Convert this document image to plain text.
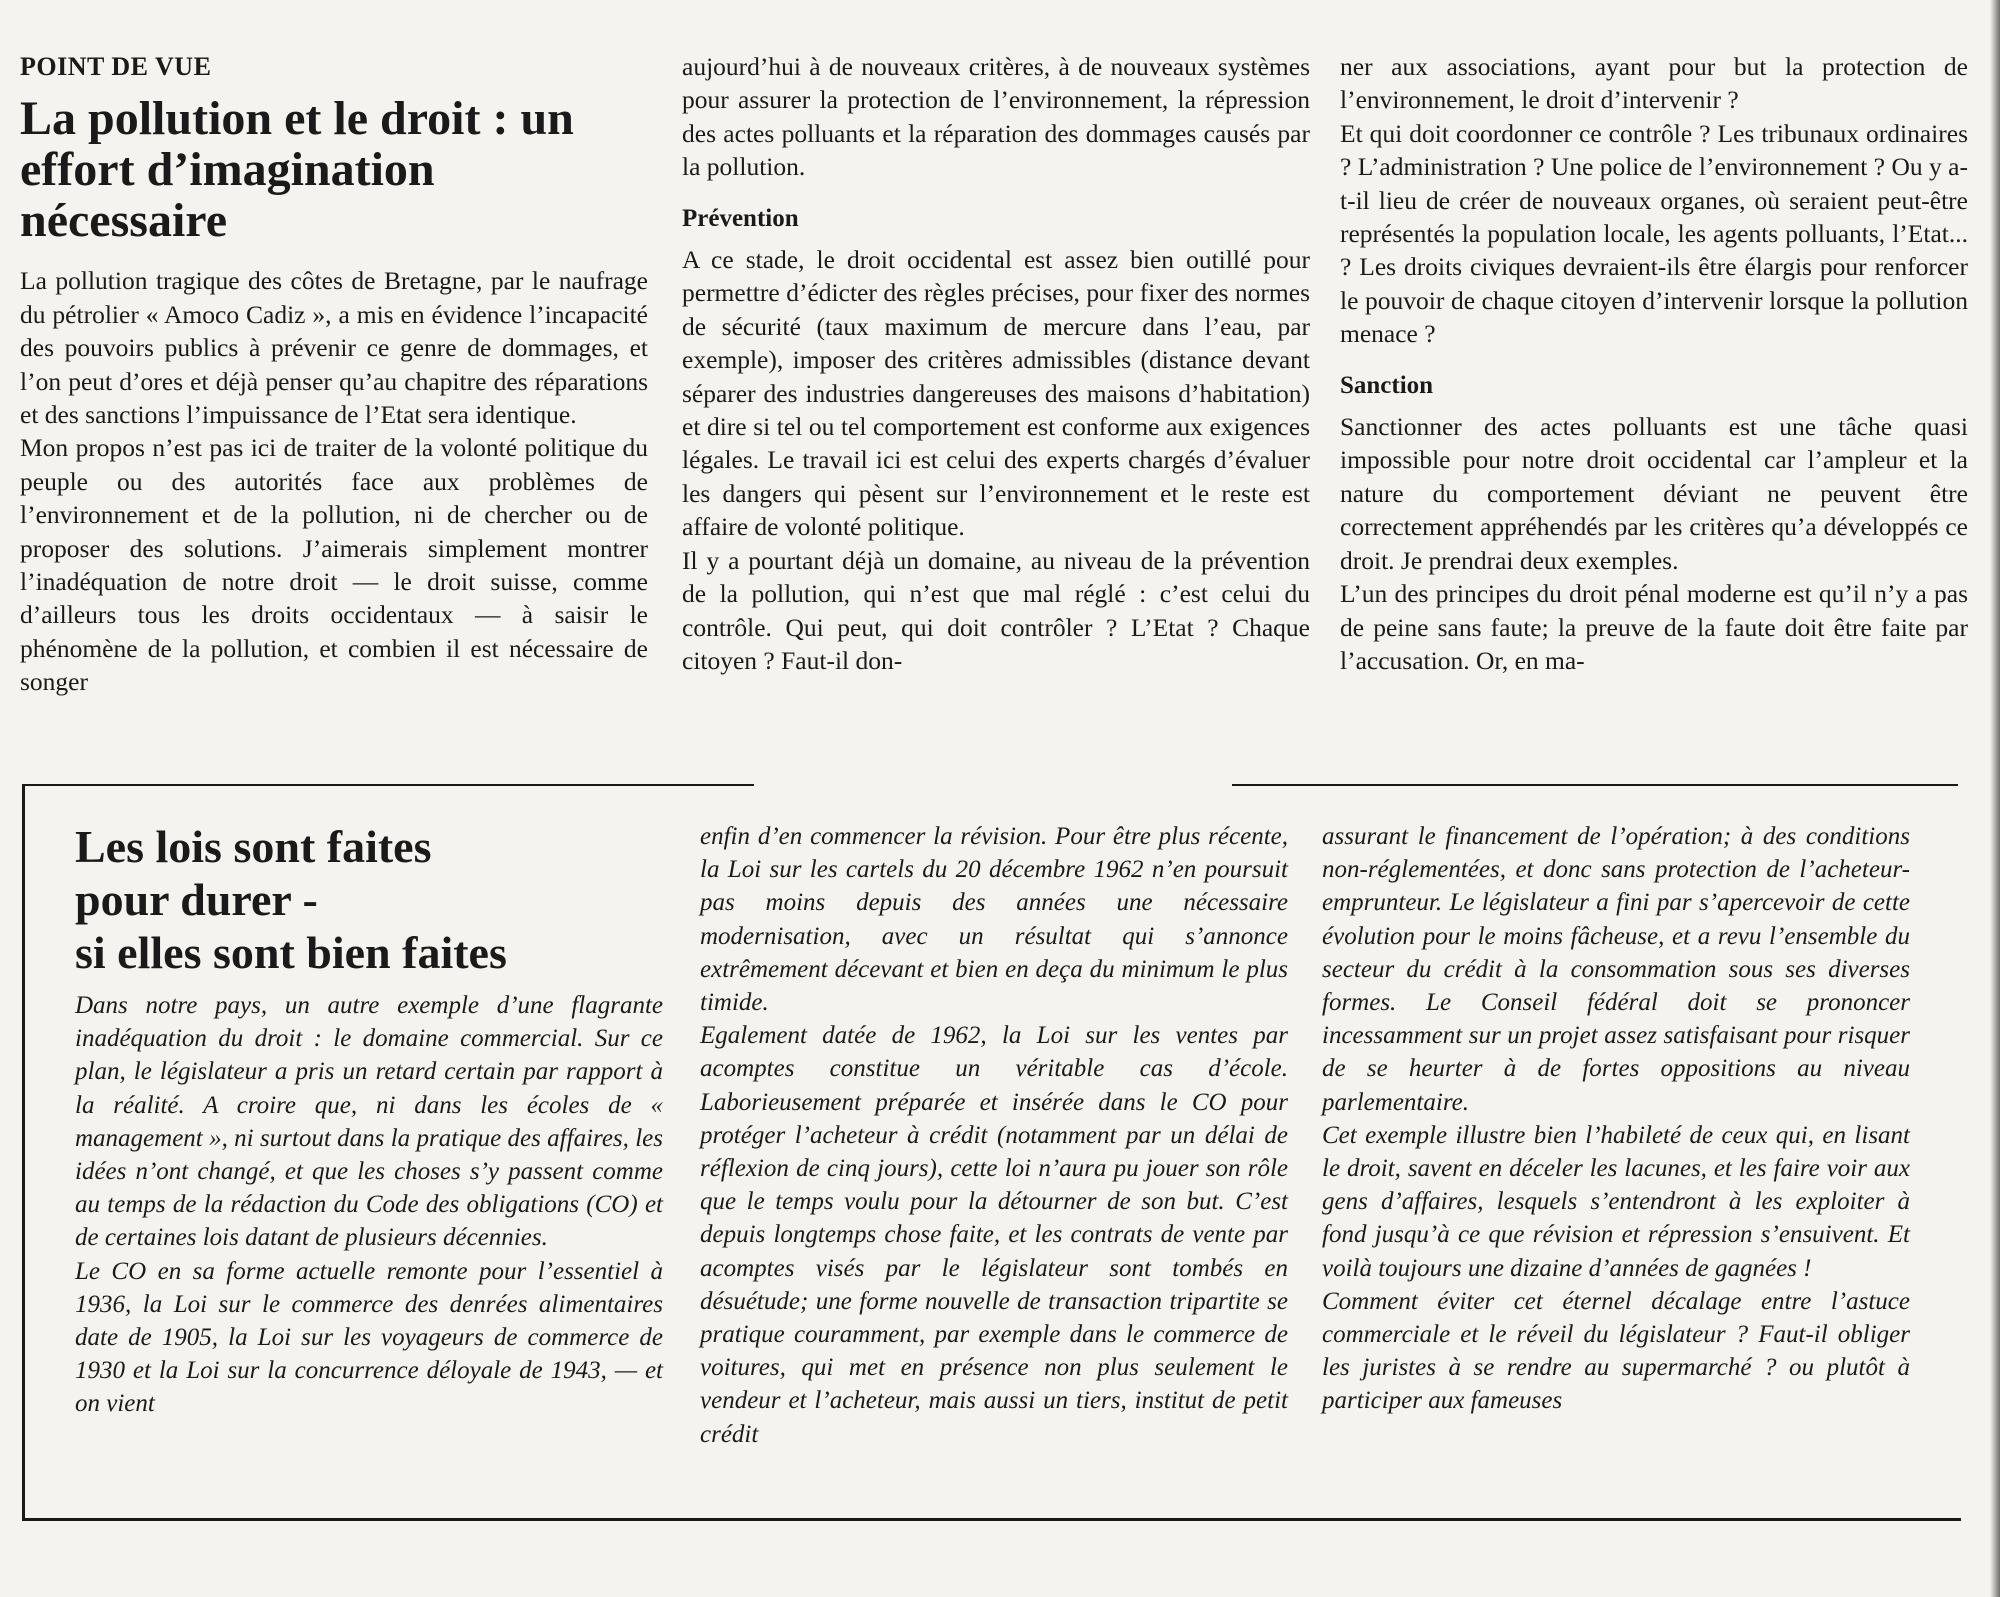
POINT DE VUE
La pollution et le droit : un effort d’imagination nécessaire

La pollution tragique des côtes de Bretagne, par le naufrage du pétrolier « Amoco Cadiz », a mis en évidence l’incapacité des pouvoirs publics à prévenir ce genre de dommages, et l’on peut d’ores et déjà penser qu’au chapitre des réparations et des sanctions l’impuissance de l’Etat sera identique.

Mon propos n’est pas ici de traiter de la volonté politique du peuple ou des autorités face aux problèmes de l’environnement et de la pollution, ni de chercher ou de proposer des solutions. J’aimerais simplement montrer l’inadéquation de notre droit — le droit suisse, comme d’ailleurs tous les droits occidentaux — à saisir le phénomène de la pollution, et combien il est nécessaire de songer

aujourd’hui à de nouveaux critères, à de nouveaux systèmes pour assurer la protection de l’environnement, la répression des actes polluants et la réparation des dommages causés par la pollution.

Prévention

A ce stade, le droit occidental est assez bien outillé pour permettre d’édicter des règles précises, pour fixer des normes de sécurité (taux maximum de mercure dans l’eau, par exemple), imposer des critères admissibles (distance devant séparer des industries dangereuses des maisons d’habitation) et dire si tel ou tel comportement est conforme aux exigences légales. Le travail ici est celui des experts chargés d’évaluer les dangers qui pèsent sur l’environnement et le reste est affaire de volonté politique.

Il y a pourtant déjà un domaine, au niveau de la prévention de la pollution, qui n’est que mal réglé : c’est celui du contrôle. Qui peut, qui doit contrôler ? L’Etat ? Chaque citoyen ? Faut-il don-

ner aux associations, ayant pour but la protection de l’environnement, le droit d’intervenir ?

Et qui doit coordonner ce contrôle ? Les tribunaux ordinaires ? L’administration ? Une police de l’environnement ? Ou y a-t-il lieu de créer de nouveaux organes, où seraient peut-être représentés la population locale, les agents polluants, l’Etat... ? Les droits civiques devraient-ils être élargis pour renforcer le pouvoir de chaque citoyen d’intervenir lorsque la pollution menace ?

Sanction

Sanctionner des actes polluants est une tâche quasi impossible pour notre droit occidental car l’ampleur et la nature du comportement déviant ne peuvent être correctement appréhendés par les critères qu’a développés ce droit. Je prendrai deux exemples.

L’un des principes du droit pénal moderne est qu’il n’y a pas de peine sans faute; la preuve de la faute doit être faite par l’accusation. Or, en ma-

Les lois sont faites
pour durer -
si elles sont bien faites

Dans notre pays, un autre exemple d’une flagrante inadéquation du droit : le domaine commercial. Sur ce plan, le législateur a pris un retard certain par rapport à la réalité. A croire que, ni dans les écoles de « management », ni surtout dans la pratique des affaires, les idées n’ont changé, et que les choses s’y passent comme au temps de la rédaction du Code des obligations (CO) et de certaines lois datant de plusieurs décennies.

Le CO en sa forme actuelle remonte pour l’essentiel à 1936, la Loi sur le commerce des denrées alimentaires date de 1905, la Loi sur les voyageurs de commerce de 1930 et la Loi sur la concurrence déloyale de 1943, — et on vient

enfin d’en commencer la révision. Pour être plus récente, la Loi sur les cartels du 20 décembre 1962 n’en poursuit pas moins depuis des années une nécessaire modernisation, avec un résultat qui s’annonce extrêmement décevant et bien en deça du minimum le plus timide.

Egalement datée de 1962, la Loi sur les ventes par acomptes constitue un véritable cas d’école. Laborieusement préparée et insérée dans le CO pour protéger l’acheteur à crédit (notamment par un délai de réflexion de cinq jours), cette loi n’aura pu jouer son rôle que le temps voulu pour la détourner de son but. C’est depuis longtemps chose faite, et les contrats de vente par acomptes visés par le législateur sont tombés en désuétude; une forme nouvelle de transaction tripartite se pratique couramment, par exemple dans le commerce de voitures, qui met en présence non plus seulement le vendeur et l’acheteur, mais aussi un tiers, institut de petit crédit

assurant le financement de l’opération; à des conditions non-réglementées, et donc sans protection de l’acheteur-emprunteur. Le législateur a fini par s’apercevoir de cette évolution pour le moins fâcheuse, et a revu l’ensemble du secteur du crédit à la consommation sous ses diverses formes. Le Conseil fédéral doit se prononcer incessamment sur un projet assez satisfaisant pour risquer de se heurter à de fortes oppositions au niveau parlementaire.

Cet exemple illustre bien l’habileté de ceux qui, en lisant le droit, savent en déceler les lacunes, et les faire voir aux gens d’affaires, lesquels s’entendront à les exploiter à fond jusqu’à ce que révision et répression s’ensuivent. Et voilà toujours une dizaine d’années de gagnées !

Comment éviter cet éternel décalage entre l’astuce commerciale et le réveil du législateur ? Faut-il obliger les juristes à se rendre au supermarché ? ou plutôt à participer aux fameuses
